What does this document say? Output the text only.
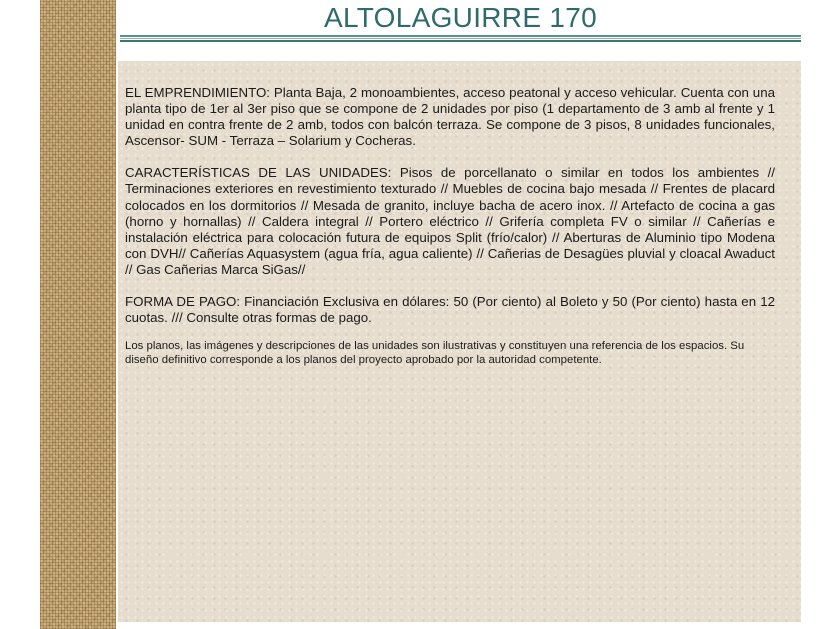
ALTOLAGUIRRE 170

EL EMPRENDIMIENTO: Planta Baja, 2 monoambientes, acceso peatonal y acceso vehicular. Cuenta con una planta tipo de 1er al 3er piso que se compone de 2 unidades por piso (1 departamento de 3 amb al frente y 1 unidad en contra frente de 2 amb, todos con balcón terraza. Se compone de 3 pisos, 8 unidades funcionales, Ascensor- SUM - Terraza – Solarium y Cocheras.

CARACTERÍSTICAS DE LAS UNIDADES: Pisos de porcellanato o similar en todos los ambientes // Terminaciones exteriores en revestimiento texturado // Muebles de cocina bajo mesada // Frentes de placard colocados en los dormitorios // Mesada de granito, incluye bacha de acero inox. // Artefacto de cocina a gas (horno y hornallas) // Caldera integral // Portero eléctrico // Grifería completa FV o similar // Cañerías e instalación eléctrica para colocación futura de equipos Split (frío/calor) // Aberturas de Aluminio tipo Modena con DVH// Cañerías Aquasystem (agua fría, agua caliente) // Cañerias de Desagües pluvial y cloacal Awaduct // Gas Cañerias Marca SiGas//

FORMA DE PAGO: Financiación Exclusiva en dólares: 50 (Por ciento) al Boleto y 50 (Por ciento) hasta en 12 cuotas. /// Consulte otras formas de pago.

Los planos, las imágenes y descripciones de las unidades son ilustrativas y constituyen una referencia de los espacios. Su diseño definitivo corresponde a los planos del proyecto aprobado por la autoridad competente.
